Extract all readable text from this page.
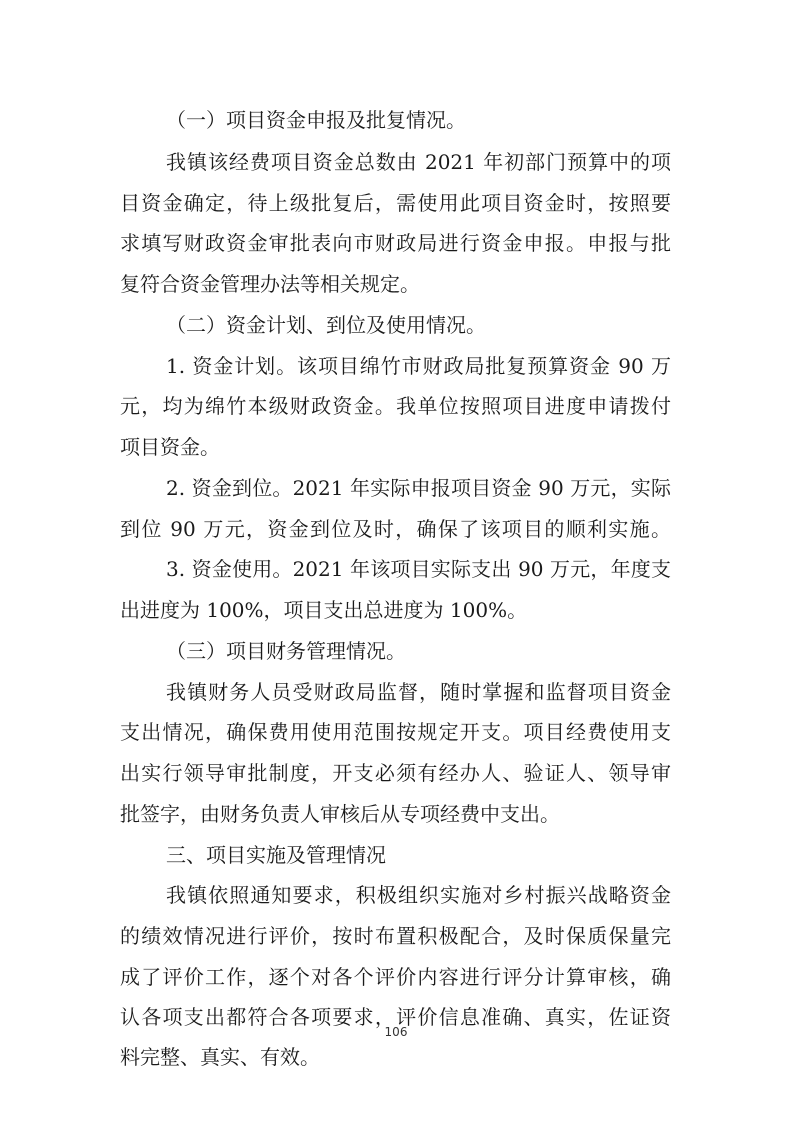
（一）项目资金申报及批复情况。
我镇该经费项目资金总数由 2021 年初部门预算中的项
目资金确定，待上级批复后，需使用此项目资金时，按照要
求填写财政资金审批表向市财政局进行资金申报。申报与批
复符合资金管理办法等相关规定。
（二）资金计划、到位及使用情况。
1. 资金计划。该项目绵竹市财政局批复预算资金 90 万
元，均为绵竹本级财政资金。我单位按照项目进度申请拨付
项目资金。
2. 资金到位。2021 年实际申报项目资金 90 万元，实际
到位 90 万元，资金到位及时，确保了该项目的顺利实施。
3. 资金使用。2021 年该项目实际支出 90 万元，年度支
出进度为 100%，项目支出总进度为 100%。
（三）项目财务管理情况。
我镇财务人员受财政局监督，随时掌握和监督项目资金
支出情况，确保费用使用范围按规定开支。项目经费使用支
出实行领导审批制度，开支必须有经办人、验证人、领导审
批签字，由财务负责人审核后从专项经费中支出。
三、项目实施及管理情况
我镇依照通知要求，积极组织实施对乡村振兴战略资金
的绩效情况进行评价，按时布置积极配合，及时保质保量完
成了评价工作，逐个对各个评价内容进行评分计算审核，确
认各项支出都符合各项要求，评价信息准确、真实，佐证资
料完整、真实、有效。
106
